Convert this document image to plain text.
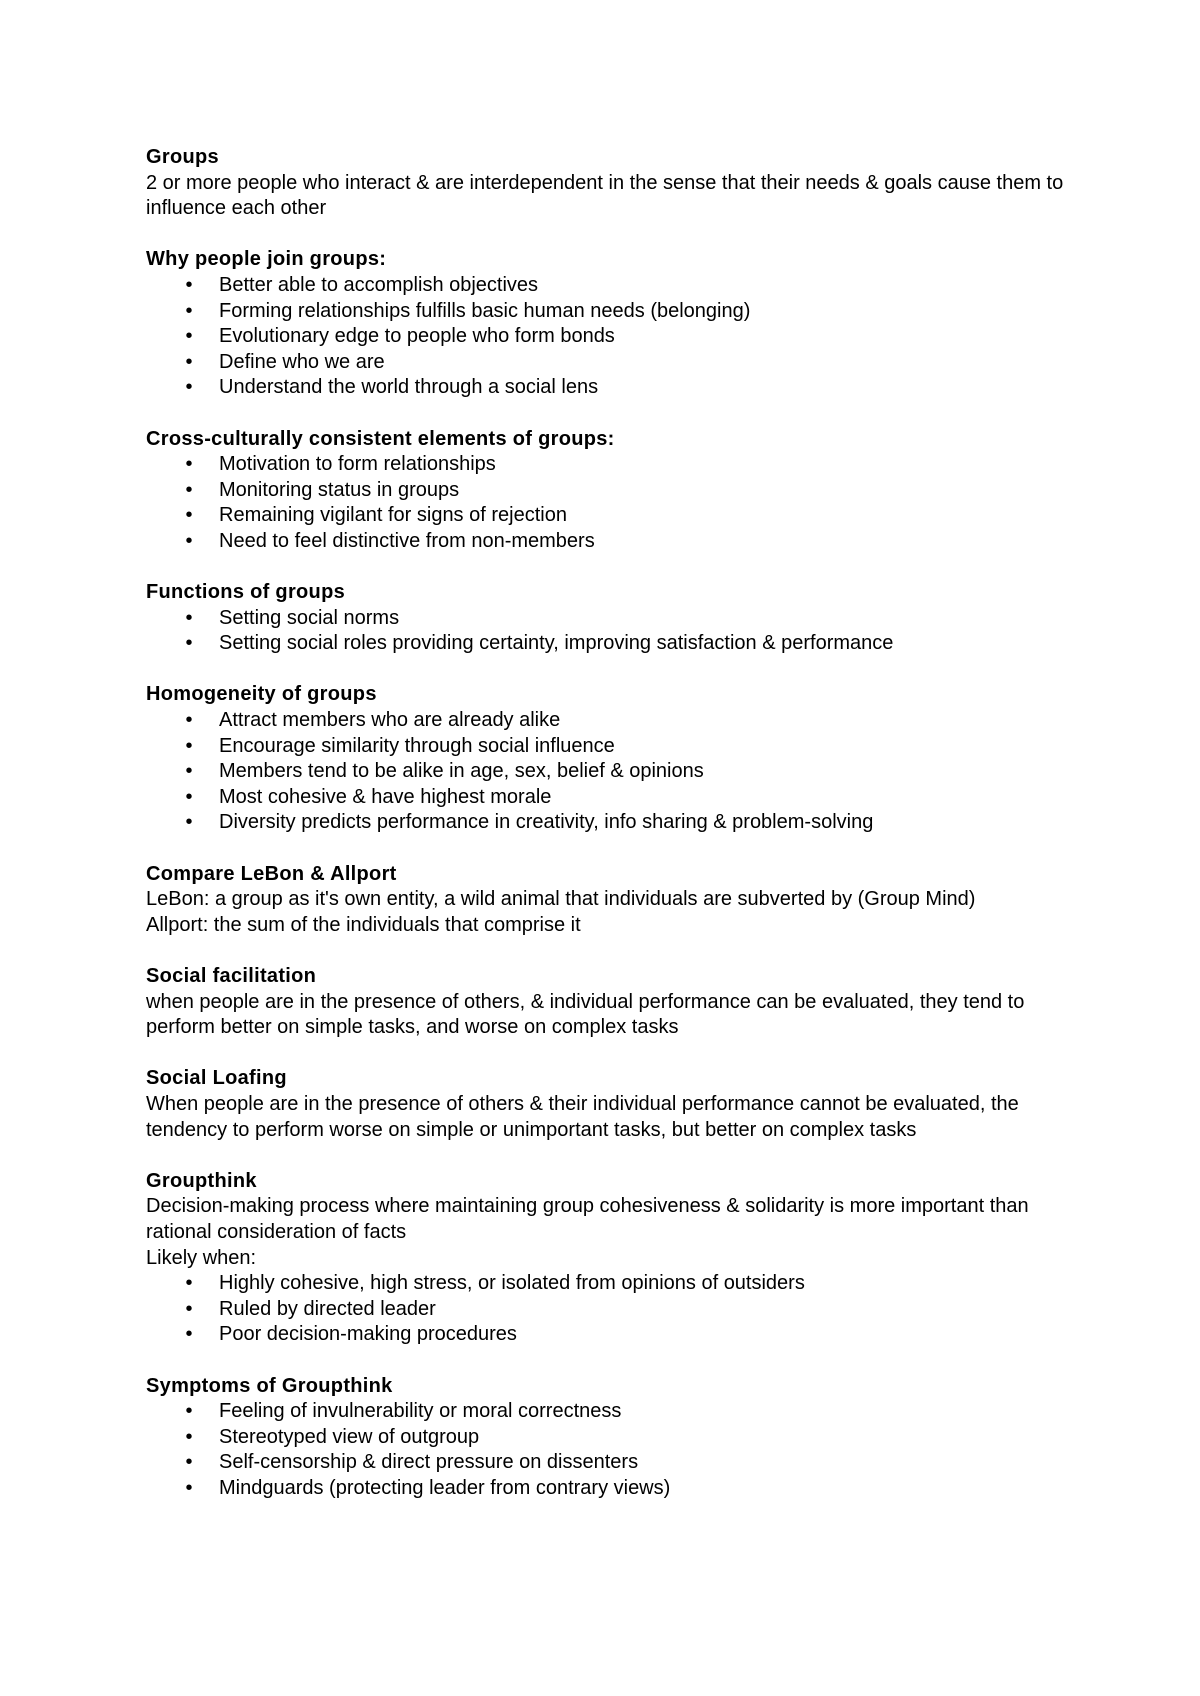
Groups
2 or more people who interact & are interdependent in the sense that their needs & goals cause them to influence each other
Why people join groups:
• Better able to accomplish objectives
• Forming relationships fulfills basic human needs (belonging)
• Evolutionary edge to people who form bonds
• Define who we are
• Understand the world through a social lens
Cross-culturally consistent elements of groups:
• Motivation to form relationships
• Monitoring status in groups
• Remaining vigilant for signs of rejection
• Need to feel distinctive from non-members
Functions of groups
• Setting social norms
• Setting social roles providing certainty, improving satisfaction & performance
Homogeneity of groups
• Attract members who are already alike
• Encourage similarity through social influence
• Members tend to be alike in age, sex, belief & opinions
• Most cohesive & have highest morale
• Diversity predicts performance in creativity, info sharing & problem-solving
Compare LeBon & Allport
LeBon: a group as it's own entity, a wild animal that individuals are subverted by (Group Mind)
Allport: the sum of the individuals that comprise it
Social facilitation
when people are in the presence of others, & individual performance can be evaluated, they tend to perform better on simple tasks, and worse on complex tasks
Social Loafing
When people are in the presence of others & their individual performance cannot be evaluated, the tendency to perform worse on simple or unimportant tasks, but better on complex tasks
Groupthink
Decision-making process where maintaining group cohesiveness & solidarity is more important than rational consideration of facts
Likely when:
• Highly cohesive, high stress, or isolated from opinions of outsiders
• Ruled by directed leader
• Poor decision-making procedures
Symptoms of Groupthink
• Feeling of invulnerability or moral correctness
• Stereotyped view of outgroup
• Self-censorship & direct pressure on dissenters
• Mindguards (protecting leader from contrary views)
